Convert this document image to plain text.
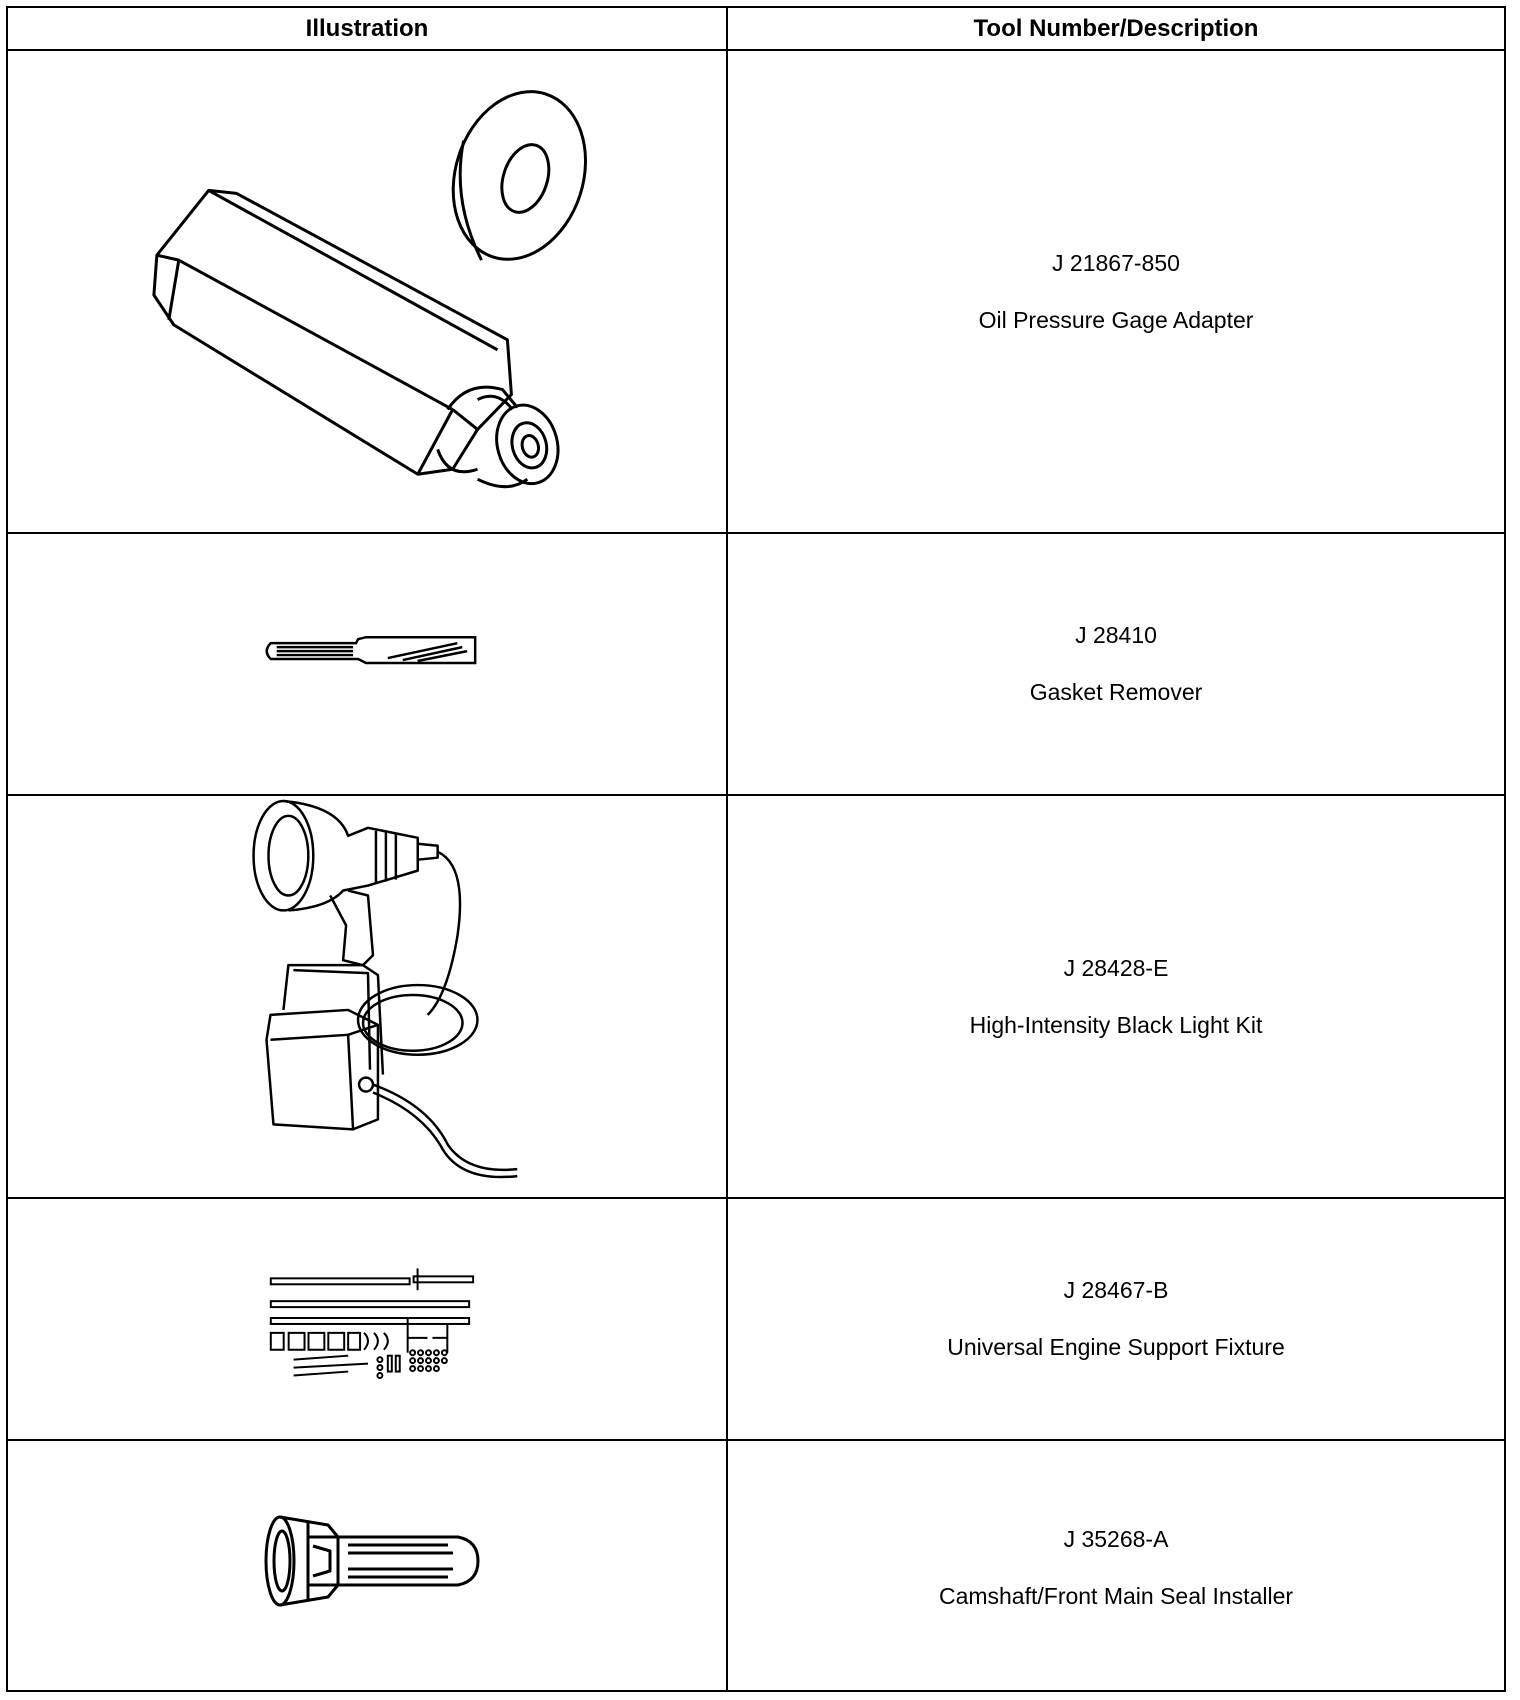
Illustration	Tool Number/Description
J 21867-850
Oil Pressure Gage Adapter
J 28410
Gasket Remover
J 28428-E
High-Intensity Black Light Kit
J 28467-B
Universal Engine Support Fixture
J 35268-A
Camshaft/Front Main Seal Installer
